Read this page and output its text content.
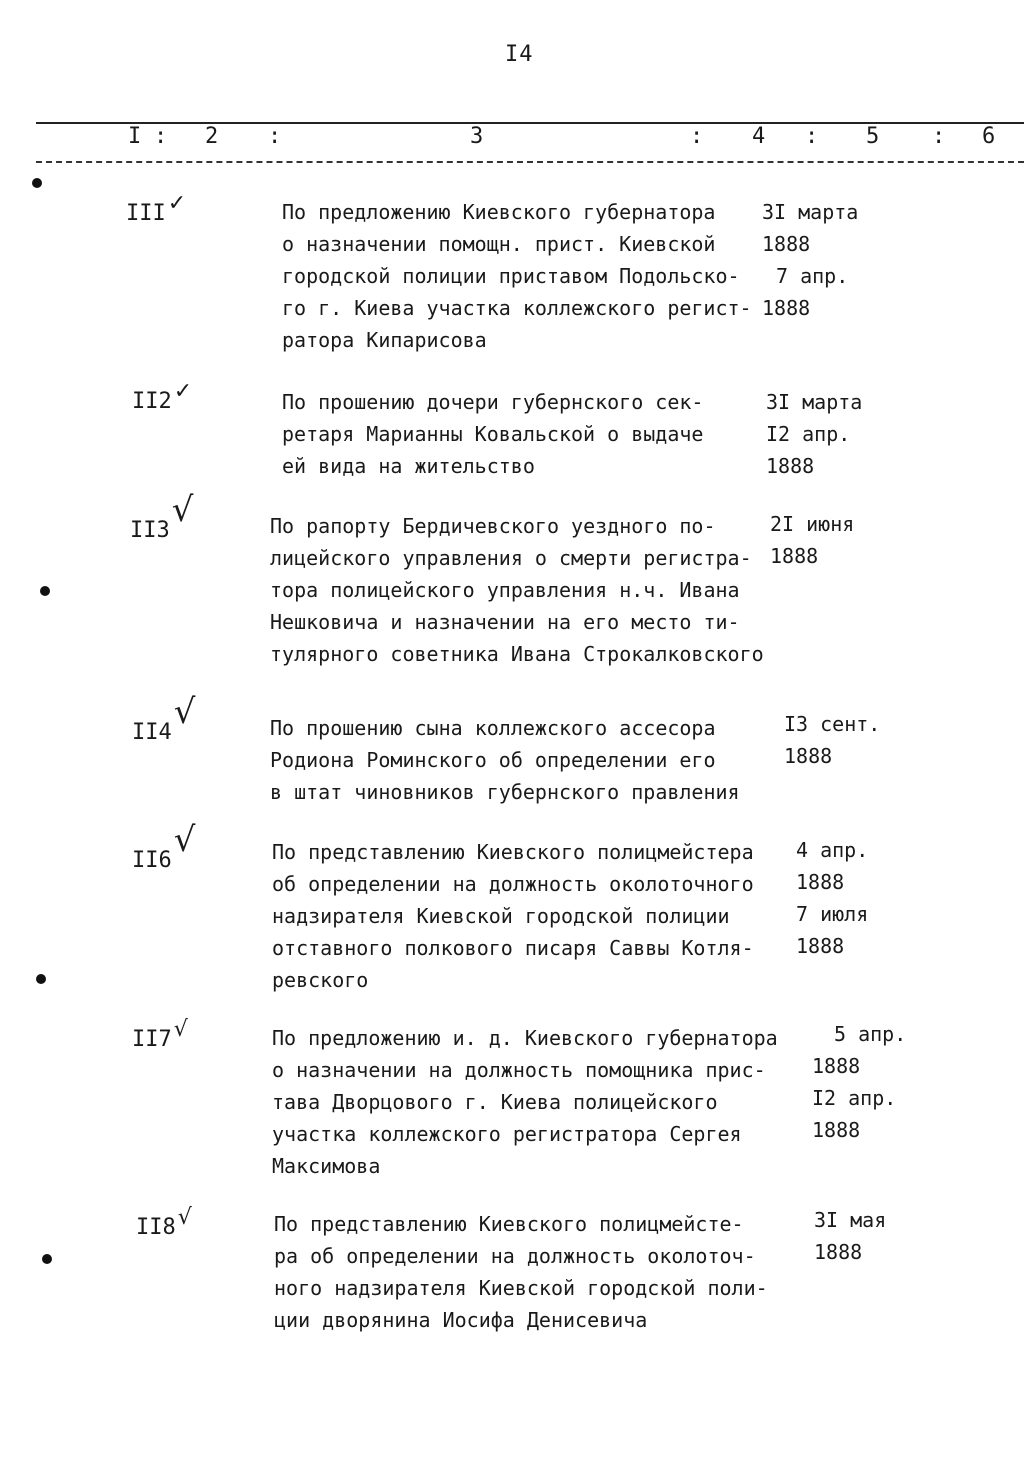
I4
I : 2 :	3	: 4 : 5 : 6
III✓	По предложению Киевского губернатора
о назначении помощн. прист. Киевской
городской полиции приставом Подольско-
го г. Киева участка коллежского регист-
ратора Кипарисова
3I марта
1888
7 апр.
1888
II2✓	По прошению дочери губернского сек-
ретаря Марианны Ковальской о выдаче
ей вида на жительство
3I марта
I2 апр.
1888
II3√	По рапорту Бердичевского уездного по-
лицейского управления о смерти регистра-
тора полицейского управления н.ч. Ивана
Нешковича и назначении на его место ти-
тулярного советника Ивана Строкалковского
2I июня
1888
II4√	По прошению сына коллежского ассесора
Родиона Роминского об определении его
в штат чиновников губернского правления
I3 сент.
1888
II6√	По представлению Киевского полицмейстера
об определении на должность околоточного
надзирателя Киевской городской полиции
отставного полкового писаря Саввы Котля-
ревского
4 апр.
1888
7 июля
1888
II7√	По предложению и. д. Киевского губернатора
о назначении на должность помощника прис-
тава Дворцового г. Киева полицейского
участка коллежского регистратора Сергея
Максимова
5 апр.
1888
I2 апр.
1888
II8√	По представлению Киевского полицмейсте-
ра об определении на должность околоточ-
ного надзирателя Киевской городской поли-
ции дворянина Иосифа Денисевича
3I мая
1888
